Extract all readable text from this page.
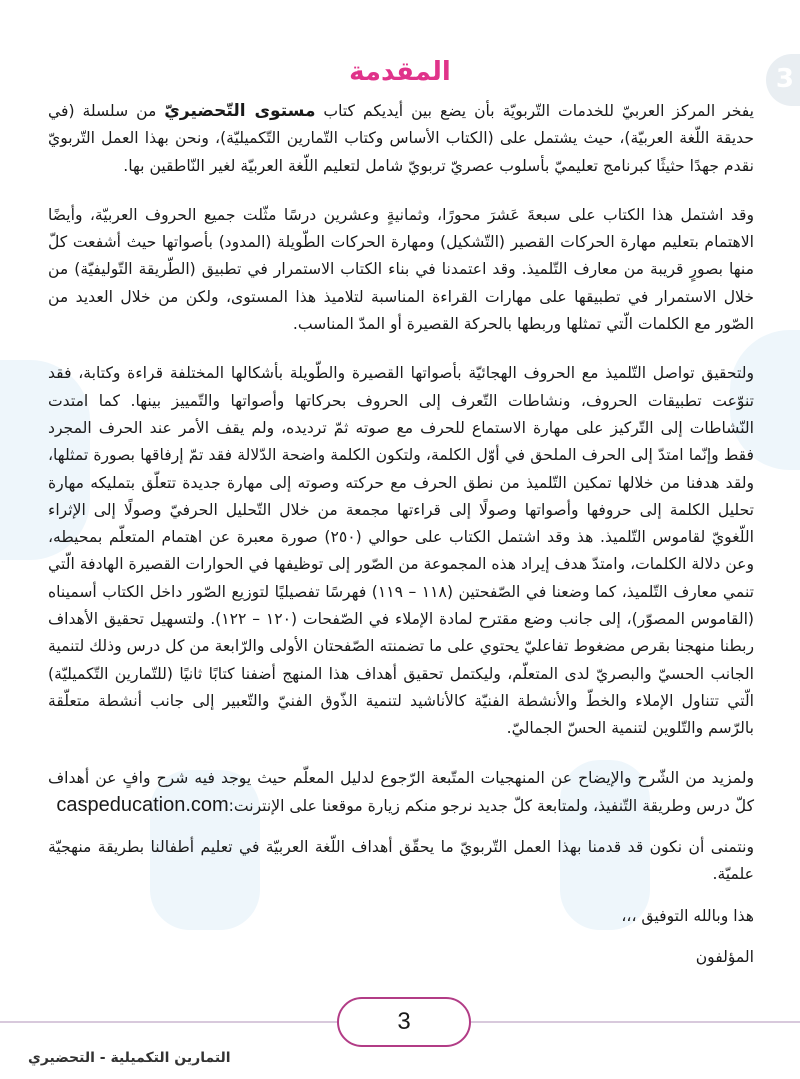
3
المقدمة

يفخر المركز العربيّ للخدمات التّربويّة بأن يضع بين أيديكم كتاب مستوى التّحضيريّ من سلسلة (في حديقة اللّغة العربيّة)، حيث يشتمل على (الكتاب الأساس وكتاب التّمارين التّكميليّة)، ونحن بهذا العمل التّربويّ نقدم جهدًا حثيثًا كبرنامج تعليميّ بأسلوب عصريّ تربويّ شامل لتعليم اللّغة العربيّة لغير النّاطقين بها.

وقد اشتمل هذا الكتاب على سبعةَ عَشرَ محورًا، وثمانيةٍ وعشرين درسًا مثّلت جميع الحروف العربيّة، وأيضًا الاهتمام بتعليم مهارة الحركات القصير (التّشكيل) ومهارة الحركات الطّويلة (المدود) بأصواتها حيث أشفعت كلّ منها بصورٍ قريبة من معارف التّلميذ. وقد اعتمدنا في بناء الكتاب الاستمرار في تطبيق (الطّريقة التّوليفيّة) من خلال الاستمرار في تطبيقها على مهارات القراءة المناسبة لتلاميذ هذا المستوى، ولكن من خلال العديد من الصّور مع الكلمات الّتي تمثلها وربطها بالحركة القصيرة أو المدّ المناسب.

ولتحقيق تواصل التّلميذ مع الحروف الهجائيّة بأصواتها القصيرة والطّويلة بأشكالها المختلفة قراءة وكتابة، فقد تنوّعت تطبيقات الحروف، ونشاطات التّعرف إلى الحروف بحركاتها وأصواتها والتّمييز بينها. كما امتدت النّشاطات إلى التّركيز على مهارة الاستماع للحرف مع صوته ثمّ ترديده، ولم يقف الأمر عند الحرف المجرد فقط وإنّما امتدّ إلى الحرف الملحق في أوّل الكلمة، ولتكون الكلمة واضحة الدّلالة فقد تمّ إرفاقها بصورة تمثلها، ولقد هدفنا من خلالها تمكين التّلميذ من نطق الحرف مع حركته وصوته إلى مهارة جديدة تتعلّق بتمليكه مهارة تحليل الكلمة إلى حروفها وأصواتها وصولًا إلى قراءتها مجمعة من خلال التّحليل الحرفيّ وصولًا إلى الإثراء اللّغويّ لقاموس التّلميذ. هذ وقد اشتمل الكتاب على حوالي (٢٥٠) صورة معبرة عن اهتمام المتعلّم بمحيطه، وعن دلالة الكلمات، وامتدّ هدف إيراد هذه المجموعة من الصّور إلى توظيفها في الحوارات القصيرة الهادفة الّتي تنمي معارف التّلميذ، كما وضعنا في الصّفحتين (١١٨ – ١١٩) فهرسًا تفصيليًا لتوزيع الصّور داخل الكتاب أسميناه (القاموس المصوّر)، إلى جانب وضع مقترح لمادة الإملاء في الصّفحات (١٢٠ – ١٢٢). ولتسهيل تحقيق الأهداف ربطنا منهجنا بقرص مضغوط تفاعليّ يحتوي على ما تضمنته الصّفحتان الأولى والرّابعة من كل درس وذلك لتنمية الجانب الحسيّ والبصريّ لدى المتعلّم، وليكتمل تحقيق أهداف هذا المنهج أضفنا كتابًا ثانيًا (للتّمارين التّكميليّة) الّتي تتناول الإملاء والخطّ والأنشطة الفنيّة كالأناشيد لتنمية الذّوق الفنيّ والتّعبير إلى جانب أنشطة متعلّقة بالرّسم والتّلوين لتنمية الحسّ الجماليّ.

ولمزيد من الشّرح والإيضاح عن المنهجيات المتّبعة الرّجوع لدليل المعلّم حيث يوجد فيه شرح وافٍ عن أهداف كلّ درس وطريقة التّنفيذ، ولمتابعة كلّ جديد نرجو منكم زيارة موقعنا على الإنترنت:caspeducation.com

ونتمنى أن نكون قد قدمنا بهذا العمل التّربويّ ما يحقّق أهداف اللّغة العربيّة في تعليم أطفالنا بطريقة منهجيّة علميّة.

هذا وبالله التوفيق ،،،

المؤلفون

3
التمارين التكميلية - التحضيري
